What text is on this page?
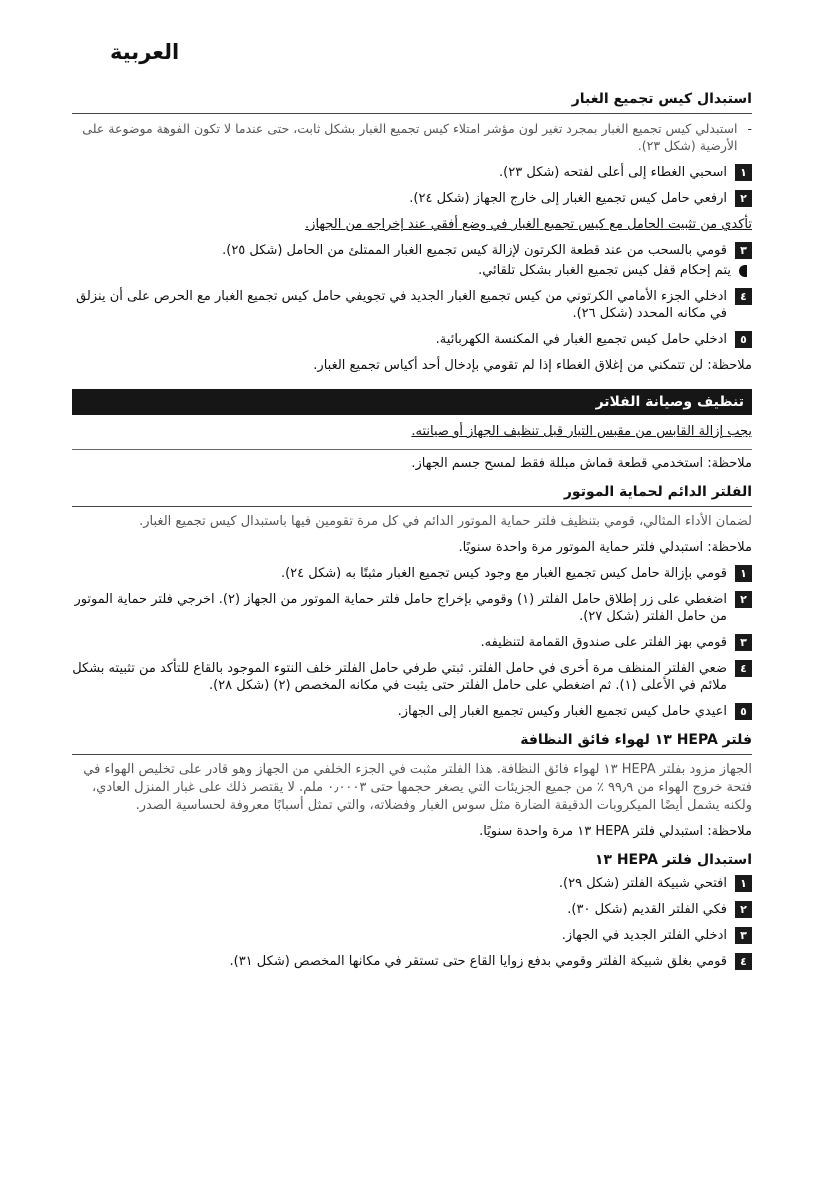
العربية
استبدال كيس تجميع الغبار
-
استبدلي كيس تجميع الغبار بمجرد تغير لون مؤشر امتلاء كيس تجميع الغبار بشكل ثابت، حتى عندما لا تكون الفوهة موضوعة على الأرضية (شكل ٢٣).
١
اسحبي الغطاء إلى أعلى لفتحه (شكل ٢٣).
٢
ارفعي حامل كيس تجميع الغبار إلى خارج الجهاز (شكل ٢٤).

تأكدي من تثبيت الحامل مع كيس تجميع الغبار في وضع أفقي عند إخراجه من الجهاز.

٣
قومي بالسحب من عند قطعة الكرتون لإزالة كيس تجميع الغبار الممتلئ من الحامل (شكل ٢٥).
يتم إحكام قفل كيس تجميع الغبار بشكل تلقائي.
٤
ادخلي الجزء الأمامي الكرتوني من كيس تجميع الغبار الجديد في تجويفي حامل كيس تجميع الغبار مع الحرص على أن ينزلق في مكانه المحدد (شكل ٢٦).
٥
ادخلي حامل كيس تجميع الغبار في المكنسة الكهربائية.

ملاحظة: لن تتمكني من إغلاق الغطاء إذا لم تقومي بإدخال أحد أكياس تجميع الغبار.

تنظيف وصيانة الفلاتر

يجب إزالة القابس من مقبس التيار قبل تنظيف الجهاز أو صيانته.

ملاحظة: استخدمي قطعة قماش مبللة فقط لمسح جسم الجهاز.

الفلتر الدائم لحماية الموتور

لضمان الأداء المثالي، قومي بتنظيف فلتر حماية الموتور الدائم في كل مرة تقومين فيها باستبدال كيس تجميع الغبار.

ملاحظة: استبدلي فلتر حماية الموتور مرة واحدة سنويًا.

١
قومي بإزالة حامل كيس تجميع الغبار مع وجود كيس تجميع الغبار مثبتًا به (شكل ٢٤).
٢
اضغطي على زر إطلاق حامل الفلتر (١) وقومي بإخراج حامل فلتر حماية الموتور من الجهاز (٢). اخرجي فلتر حماية الموتور من حامل الفلتر (شكل ٢٧).
٣
قومي بهز الفلتر على صندوق القمامة لتنظيفه.
٤
ضعي الفلتر المنظف مرة أخرى في حامل الفلتر. ثبتي طرفي حامل الفلتر خلف النتوء الموجود بالقاع للتأكد من تثبيته بشكل ملائم في الأعلى (١). ثم اضغطي على حامل الفلتر حتى يثبت في مكانه المخصص (٢) (شكل ٢٨).
٥
اعيدي حامل كيس تجميع الغبار وكيس تجميع الغبار إلى الجهاز.
فلتر HEPA ١٣ لهواء فائق النظافة

الجهاز مزود بفلتر HEPA ١٣ لهواء فائق النظافة. هذا الفلتر مثبت في الجزء الخلفي من الجهاز وهو قادر على تخليص الهواء في فتحة خروج الهواء من ٩٩٫٩ ٪ من جميع الجزيئات التي يصغر حجمها حتى ٠٫٠٠٠٣ ملم. لا يقتصر ذلك على غبار المنزل العادي، ولكنه يشمل أيضًا الميكروبات الدقيقة الضارة مثل سوس الغبار وفضلاته، والتي تمثل أسبابًا معروفة لحساسية الصدر.

ملاحظة: استبدلي فلتر HEPA ١٣ مرة واحدة سنويًا.

استبدال فلتر HEPA ١٣
١
افتحي شبيكة الفلتر (شكل ٢٩).
٢
فكي الفلتر القديم (شكل ٣٠).
٣
ادخلي الفلتر الجديد في الجهاز.
٤
قومي بغلق شبيكة الفلتر وقومي بدفع زوايا القاع حتى تستقر في مكانها المخصص (شكل ٣١).
